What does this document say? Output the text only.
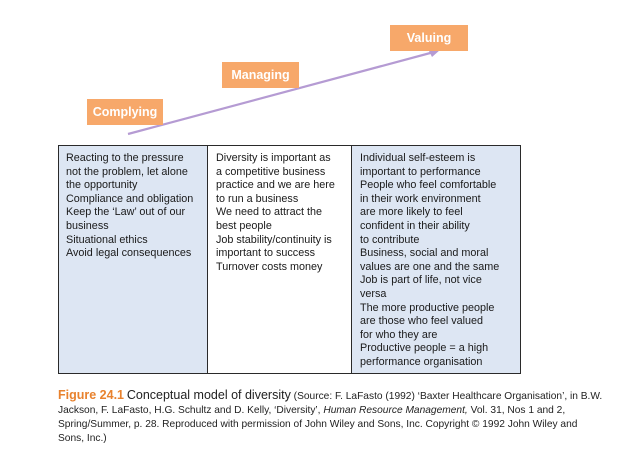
Complying
Managing
Valuing
Reacting to the pressure
not the problem, let alone
the opportunity
Compliance and obligation
Keep the ‘Law’ out of our
business
Situational ethics
Avoid legal consequences
Diversity is important as
a competitive business
practice and we are here
to run a business
We need to attract the
best people
Job stability/continuity is
important to success
Turnover costs money
Individual self-esteem is
important to performance
People who feel comfortable
in their work environment
are more likely to feel
confident in their ability
to contribute
Business, social and moral
values are one and the same
Job is part of life, not vice
versa
The more productive people
are those who feel valued
for who they are
Productive people = a high
performance organisation
Figure 24.1 Conceptual model of diversity (Source: F. LaFasto (1992) ‘Baxter Healthcare Organisation’, in B.W. Jackson, F. LaFasto, H.G. Schultz and D. Kelly, ‘Diversity’, Human Resource Management, Vol. 31, Nos 1 and 2, Spring/Summer, p. 28. Reproduced with permission of John Wiley and Sons, Inc. Copyright © 1992 John Wiley and Sons, Inc.)
